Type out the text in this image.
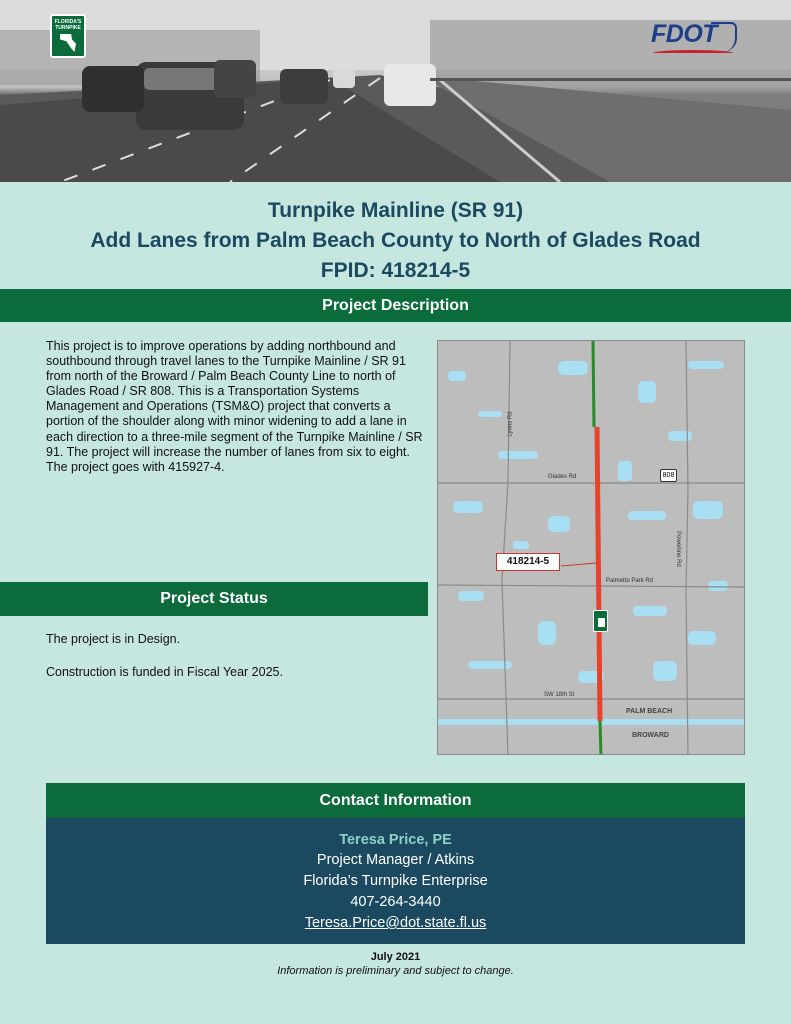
FLORIDA'S TURNPIKE	FDOT
Turnpike Mainline (SR 91)
Add Lanes from Palm Beach County to North of Glades Road
FPID: 418214-5
Project Description
This project is to improve operations by adding northbound and southbound through travel lanes to the Turnpike Mainline / SR 91 from north of the Broward / Palm Beach County Line to north of Glades Road / SR 808. This is a Transportation Systems Management and Operations (TSM&O) project that converts a portion of the shoulder along with minor widening to add a lane in each direction to a three-mile segment of the Turnpike Mainline / SR 91. The project will increase the number of lanes from six to eight. The project goes with 415927-4.
Lyons Rd
Glades Rd	808
Powerline Rd
418214-5
Palmetto Park Rd
SW 18th St
PALM BEACH
BROWARD
Project Status
The project is in Design.
Construction is funded in Fiscal Year 2025.
Contact Information
Teresa Price, PE
Project Manager / Atkins
Florida’s Turnpike Enterprise
407-264-3440
Teresa.Price@dot.state.fl.us
July 2021
Information is preliminary and subject to change.
